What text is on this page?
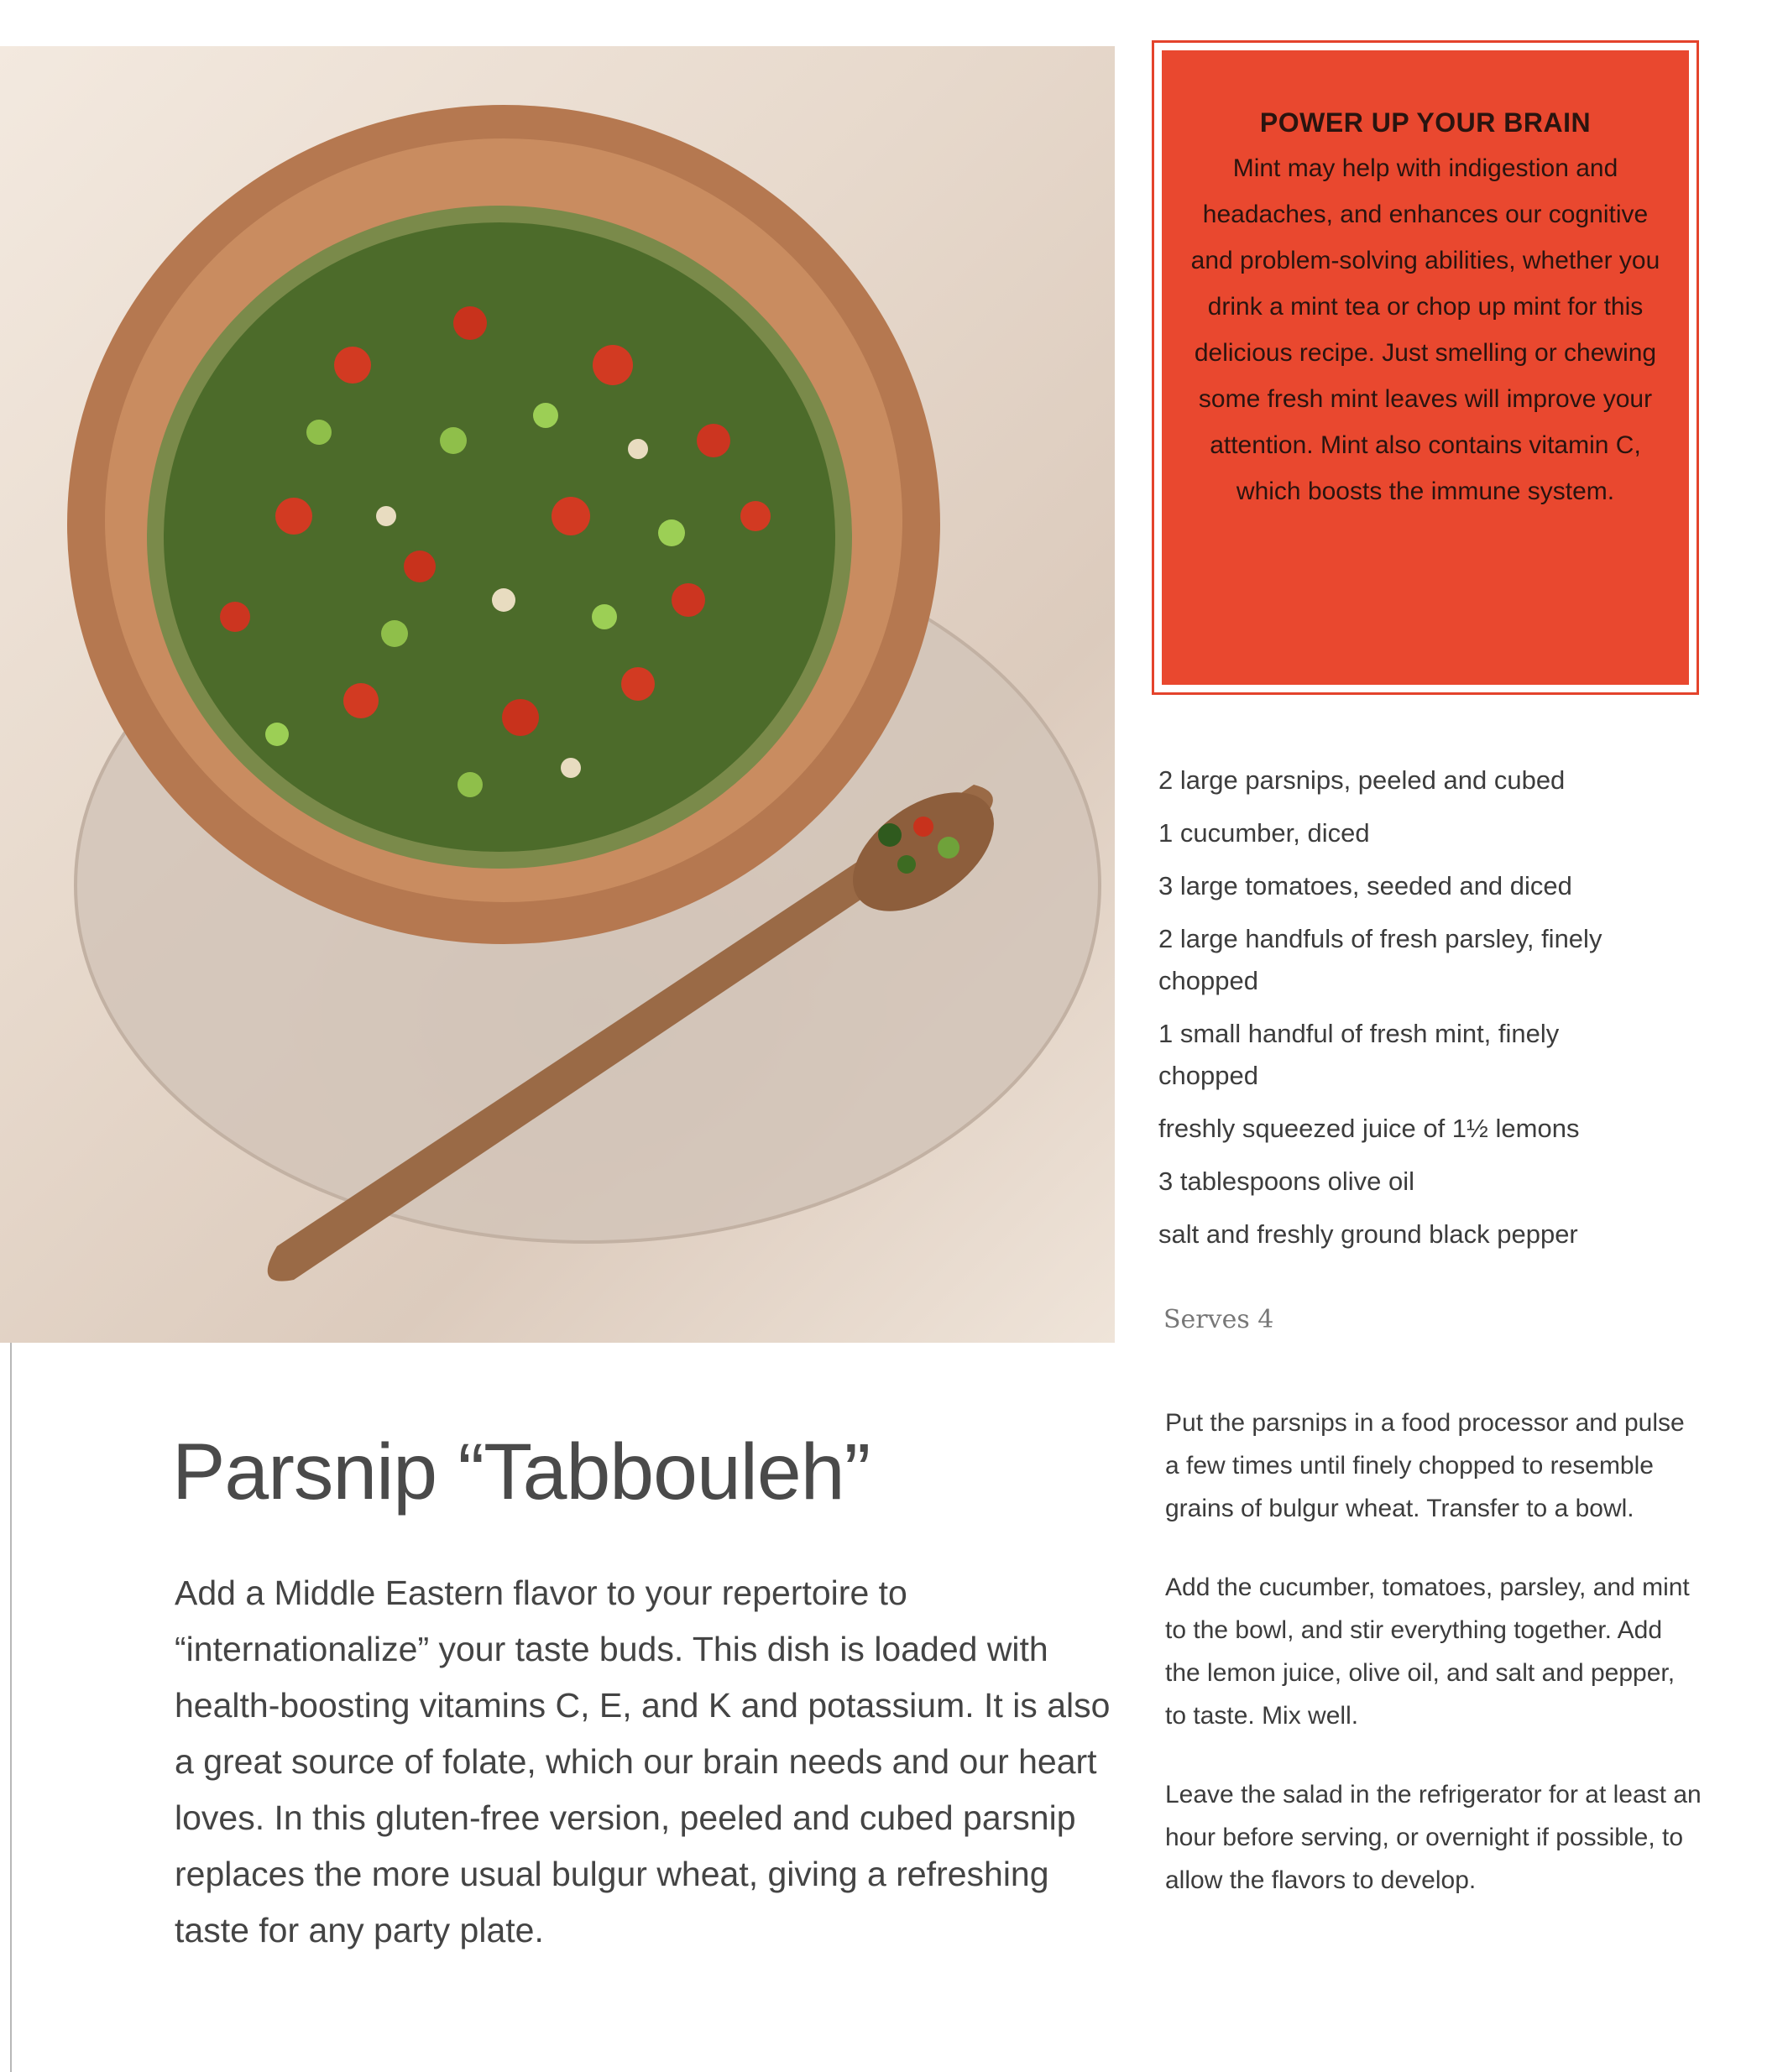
POWER UP YOUR BRAIN

Mint may help with indigestion and headaches, and enhances our cognitive and problem-solving abilities, whether you drink a mint tea or chop up mint for this delicious recipe. Just smelling or chewing some fresh mint leaves will improve your attention. Mint also contains vitamin C, which boosts the immune system.

2 large parsnips, peeled and cubed
1 cucumber, diced
3 large tomatoes, seeded and diced
2 large handfuls of fresh parsley, finely chopped
1 small handful of fresh mint, finely chopped
freshly squeezed juice of 1½ lemons
3 tablespoons olive oil
salt and freshly ground black pepper
Serves 4

Put the parsnips in a food processor and pulse a few times until finely chopped to resemble grains of bulgur wheat. Transfer to a bowl.

Add the cucumber, tomatoes, parsley, and mint to the bowl, and stir everything together. Add the lemon juice, olive oil, and salt and pepper, to taste. Mix well.

Leave the salad in the refrigerator for at least an hour before serving, or overnight if possible, to allow the flavors to develop.

Parsnip “Tabbouleh”

Add a Middle Eastern flavor to your repertoire to “internationalize” your taste buds. This dish is loaded with health-boosting vitamins C, E, and K and potassium. It is also a great source of folate, which our brain needs and our heart loves. In this gluten-free version, peeled and cubed parsnip replaces the more usual bulgur wheat, giving a refreshing taste for any party plate.
